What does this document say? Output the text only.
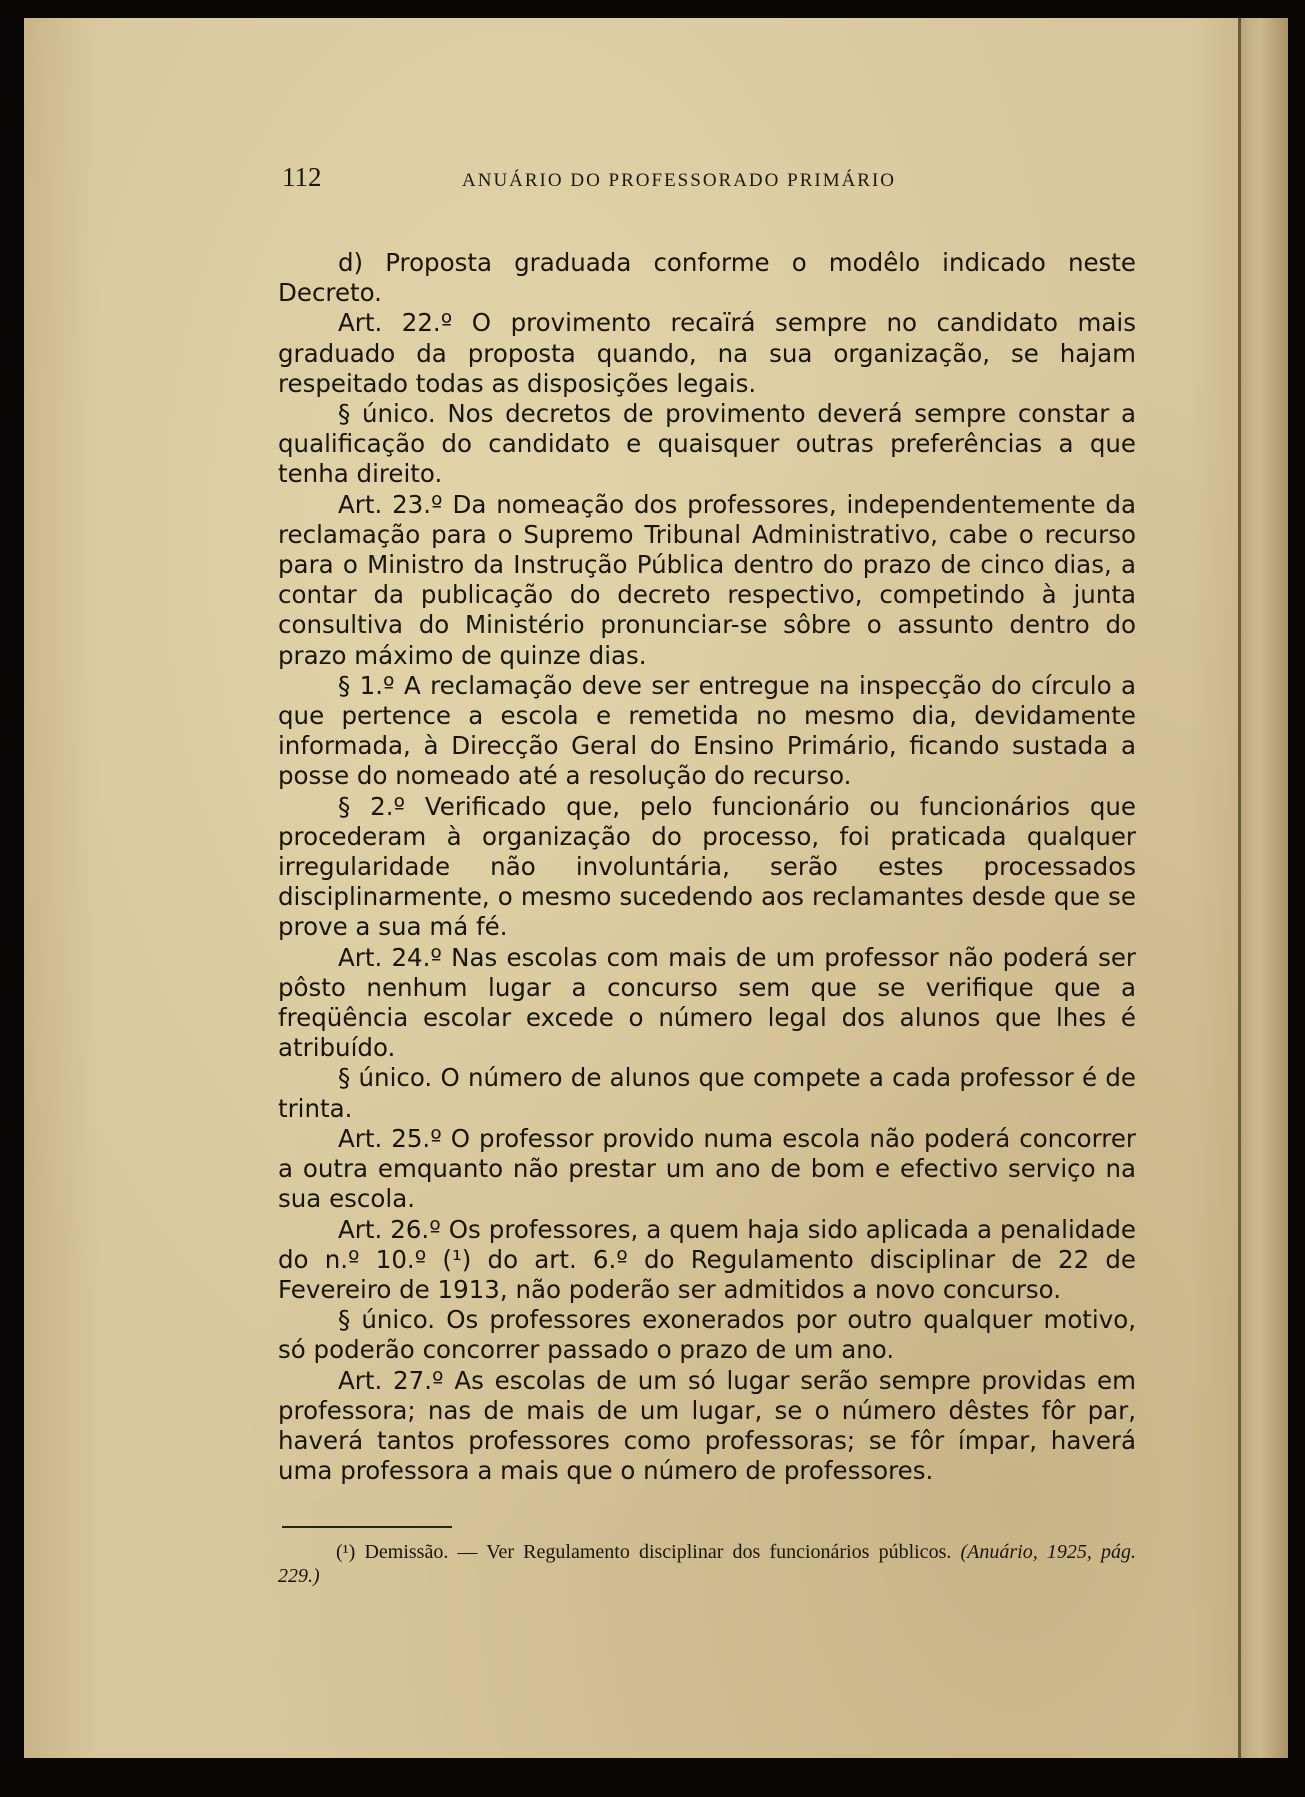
112	ANUÁRIO DO PROFESSORADO PRIMÁRIO

d) Proposta graduada conforme o modêlo indicado neste Decreto.

Art. 22.º O provimento recaïrá sempre no candidato mais graduado da proposta quando, na sua organização, se hajam respeitado todas as disposições legais.

§ único. Nos decretos de provimento deverá sempre constar a qualificação do candidato e quaisquer outras preferências a que tenha direito.

Art. 23.º Da nomeação dos professores, independentemente da reclamação para o Supremo Tribunal Administrativo, cabe o recurso para o Ministro da Instrução Pública dentro do prazo de cinco dias, a contar da publicação do decreto respectivo, competindo à junta consultiva do Ministério pronunciar-se sôbre o assunto dentro do prazo máximo de quinze dias.

§ 1.º A reclamação deve ser entregue na inspecção do círculo a que pertence a escola e remetida no mesmo dia, devidamente informada, à Direcção Geral do Ensino Primário, ficando sustada a posse do nomeado até a resolução do recurso.

§ 2.º Verificado que, pelo funcionário ou funcionários que procederam à organização do processo, foi praticada qualquer irregularidade não involuntária, serão estes processados disciplinarmente, o mesmo sucedendo aos reclamantes desde que se prove a sua má fé.

Art. 24.º Nas escolas com mais de um professor não poderá ser pôsto nenhum lugar a concurso sem que se verifique que a freqüência escolar excede o número legal dos alunos que lhes é atribuído.

§ único. O número de alunos que compete a cada professor é de trinta.

Art. 25.º O professor provido numa escola não poderá concorrer a outra emquanto não prestar um ano de bom e efectivo serviço na sua escola.

Art. 26.º Os professores, a quem haja sido aplicada a penalidade do n.º 10.º (¹) do art. 6.º do Regulamento disciplinar de 22 de Fevereiro de 1913, não poderão ser admitidos a novo concurso.

§ único. Os professores exonerados por outro qualquer motivo, só poderão concorrer passado o prazo de um ano.

Art. 27.º As escolas de um só lugar serão sempre providas em professora; nas de mais de um lugar, se o número dêstes fôr par, haverá tantos professores como professoras; se fôr ímpar, haverá uma professora a mais que o número de professores.

(¹) Demissão. — Ver Regulamento disciplinar dos funcionários públicos. (Anuário, 1925, pág. 229.)
